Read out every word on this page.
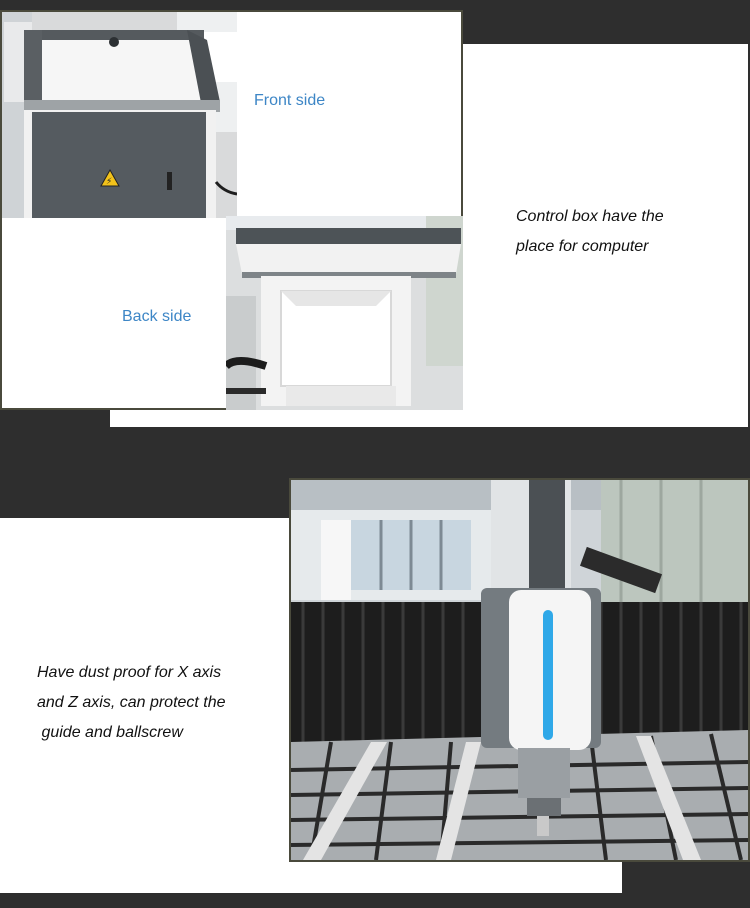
⚡
Front side
Back side
Control box have the
place for computer
Have dust proof for X axis
and Z axis, can protect the
guide and ballscrew
